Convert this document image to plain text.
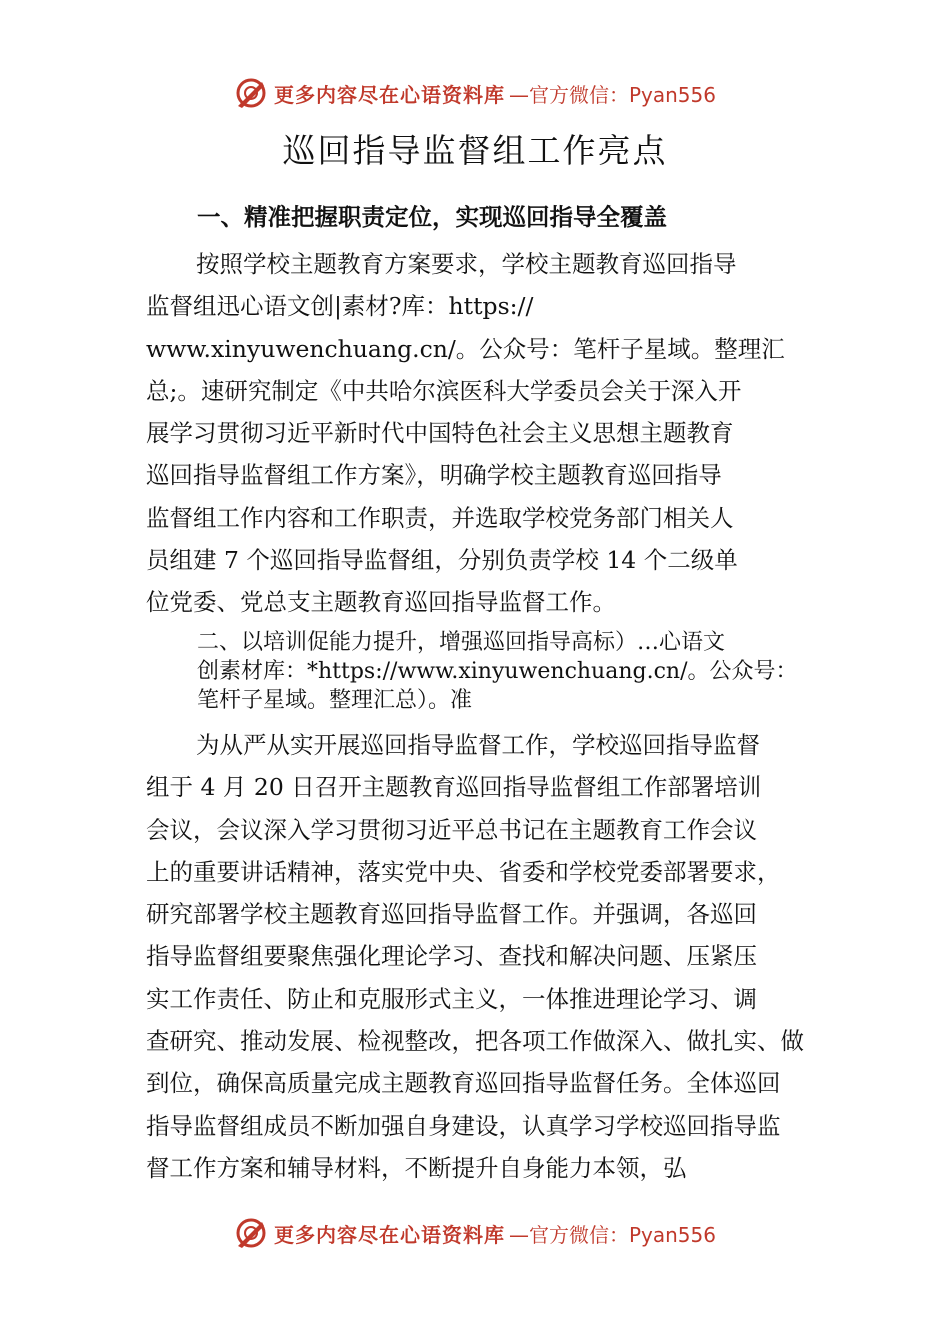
更多内容尽在心语资料库 —官方微信：Pyan556
巡回指导监督组工作亮点
一、精准把握职责定位，实现巡回指导全覆盖
按照学校主题教育方案要求，学校主题教育巡回指导
监督组迅心语文创|素材?库：https://
www.xinyuwenchuang.cn/。公众号：笔杆子星域。整理汇
总;。速研究制定《中共哈尔滨医科大学委员会关于深入开
展学习贯彻习近平新时代中国特色社会主义思想主题教育
巡回指导监督组工作方案》，明确学校主题教育巡回指导
监督组工作内容和工作职责，并选取学校党务部门相关人
员组建 7 个巡回指导监督组，分别负责学校 14 个二级单
位党委、党总支主题教育巡回指导监督工作。
二、以培训促能力提升，增强巡回指导高标）…心语文
创素材库：*https://www.xinyuwenchuang.cn/。公众号：
笔杆子星域。整理汇总）。准
为从严从实开展巡回指导监督工作，学校巡回指导监督
组于 4 月 20 日召开主题教育巡回指导监督组工作部署培训
会议，会议深入学习贯彻习近平总书记在主题教育工作会议
上的重要讲话精神，落实党中央、省委和学校党委部署要求，
研究部署学校主题教育巡回指导监督工作。并强调，各巡回
指导监督组要聚焦强化理论学习、查找和解决问题、压紧压
实工作责任、防止和克服形式主义，一体推进理论学习、调
查研究、推动发展、检视整改，把各项工作做深入、做扎实、做
到位，确保高质量完成主题教育巡回指导监督任务。全体巡回
指导监督组成员不断加强自身建设，认真学习学校巡回指导监
督工作方案和辅导材料，不断提升自身能力本领，弘
更多内容尽在心语资料库 —官方微信：Pyan556
